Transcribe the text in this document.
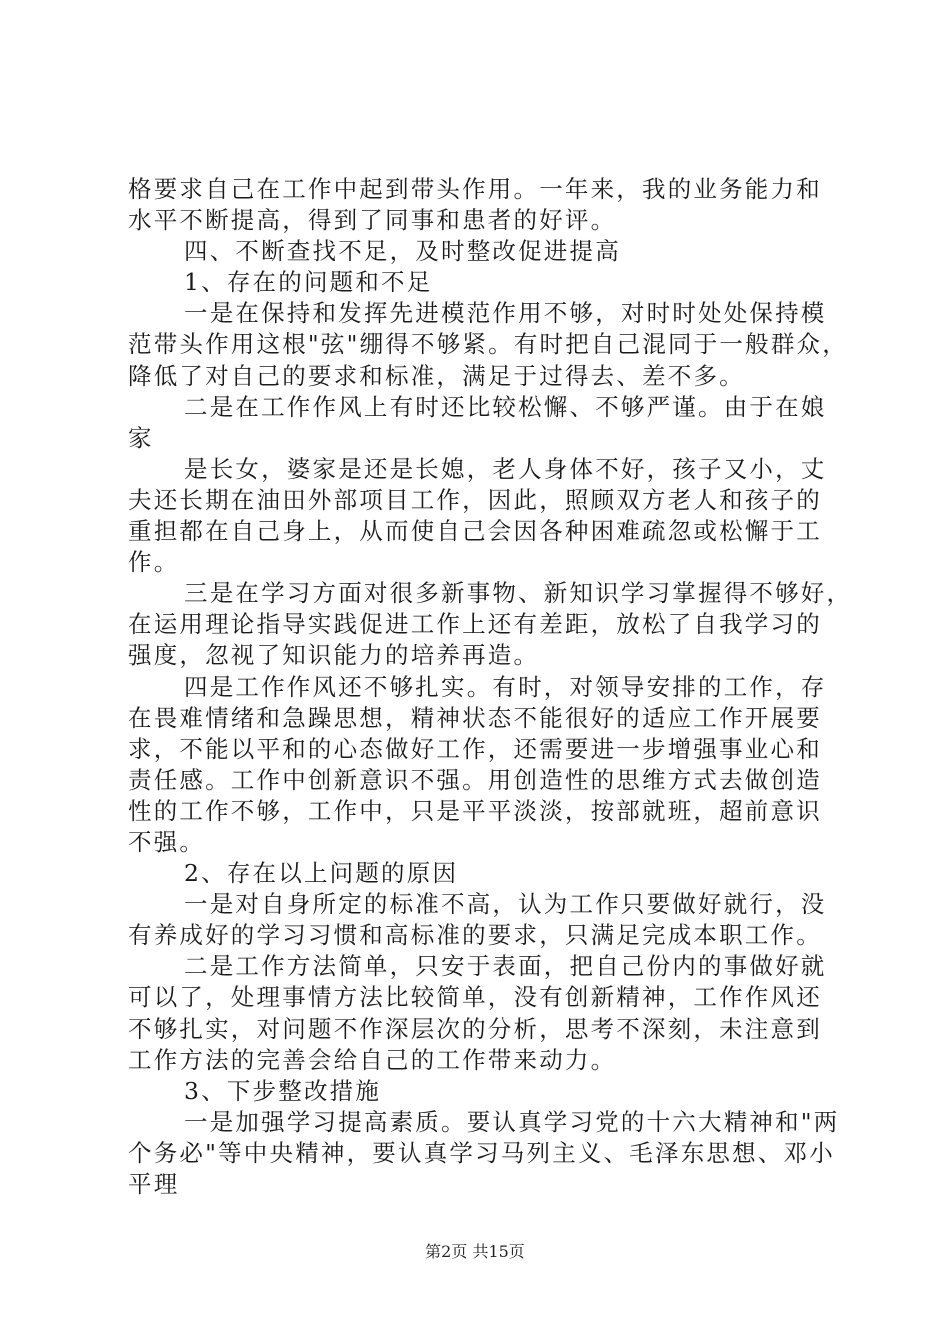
格要求自己在工作中起到带头作用。一年来，我的业务能力和
水平不断提高，得到了同事和患者的好评。
四、不断查找不足，及时整改促进提高
1、存在的问题和不足
一是在保持和发挥先进模范作用不够，对时时处处保持模
范带头作用这根"弦"绷得不够紧。有时把自己混同于一般群众，
降低了对自己的要求和标准，满足于过得去、差不多。
二是在工作作风上有时还比较松懈、不够严谨。由于在娘
家
是长女，婆家是还是长媳，老人身体不好，孩子又小，丈
夫还长期在油田外部项目工作，因此，照顾双方老人和孩子的
重担都在自己身上，从而使自己会因各种困难疏忽或松懈于工
作。
三是在学习方面对很多新事物、新知识学习掌握得不够好，
在运用理论指导实践促进工作上还有差距，放松了自我学习的
强度，忽视了知识能力的培养再造。
四是工作作风还不够扎实。有时，对领导安排的工作，存
在畏难情绪和急躁思想，精神状态不能很好的适应工作开展要
求，不能以平和的心态做好工作，还需要进一步增强事业心和
责任感。工作中创新意识不强。用创造性的思维方式去做创造
性的工作不够，工作中，只是平平淡淡，按部就班，超前意识
不强。
2、存在以上问题的原因
一是对自身所定的标准不高，认为工作只要做好就行，没
有养成好的学习习惯和高标准的要求，只满足完成本职工作。
二是工作方法简单，只安于表面，把自己份内的事做好就
可以了，处理事情方法比较简单，没有创新精神，工作作风还
不够扎实，对问题不作深层次的分析，思考不深刻，未注意到
工作方法的完善会给自己的工作带来动力。
3、下步整改措施
一是加强学习提高素质。要认真学习党的十六大精神和"两
个务必"等中央精神，要认真学习马列主义、毛泽东思想、邓小
平理
第2页 共15页
